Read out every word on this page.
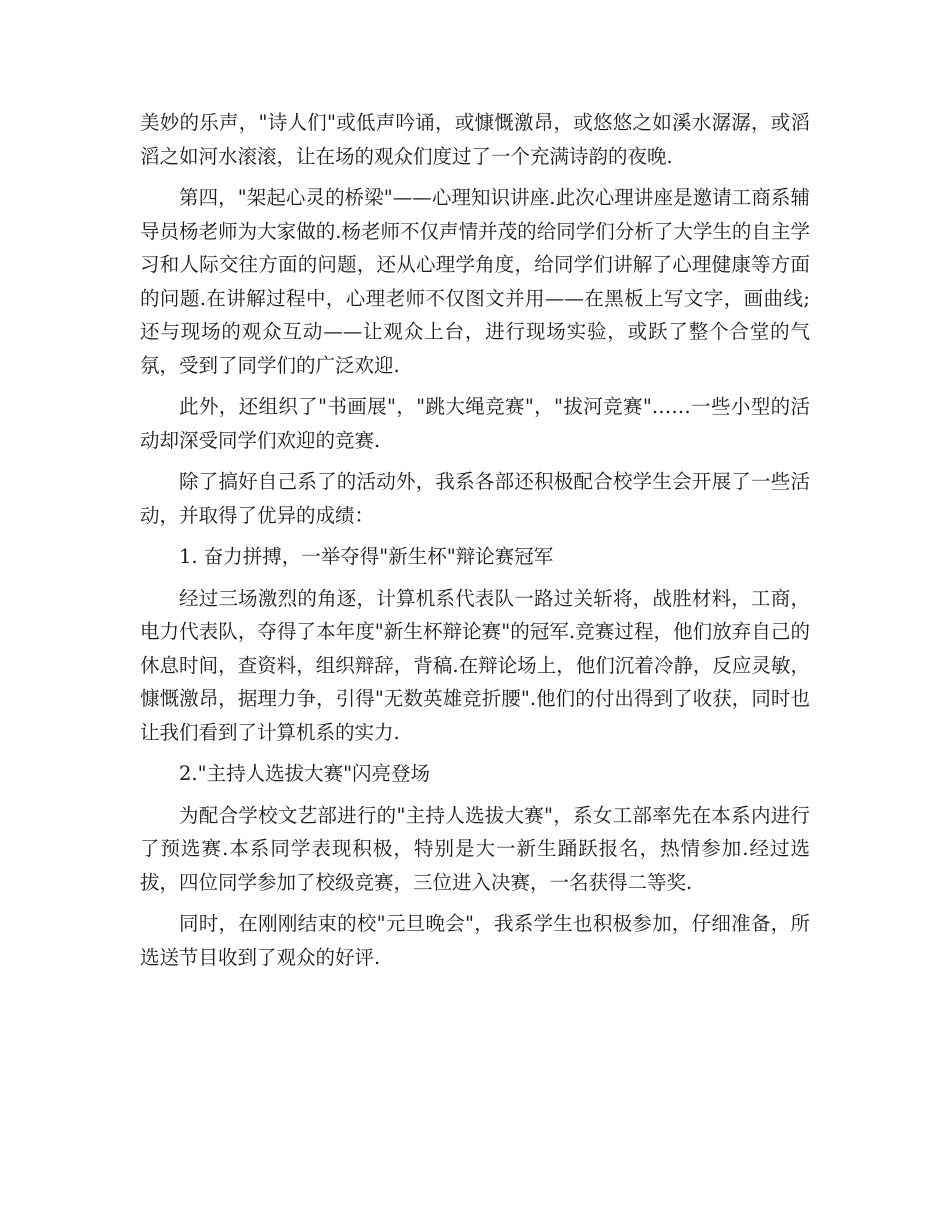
美妙的乐声，"诗人们"或低声吟诵，或慷慨激昂，或悠悠之如溪水潺潺，或滔滔之如河水滚滚，让在场的观众们度过了一个充满诗韵的夜晚.

第四，"架起心灵的桥梁"——心理知识讲座.此次心理讲座是邀请工商系辅导员杨老师为大家做的.杨老师不仅声情并茂的给同学们分析了大学生的自主学习和人际交往方面的问题，还从心理学角度，给同学们讲解了心理健康等方面的问题.在讲解过程中，心理老师不仅图文并用——在黑板上写文字，画曲线;还与现场的观众互动——让观众上台，进行现场实验，或跃了整个合堂的气氛，受到了同学们的广泛欢迎.

此外，还组织了"书画展"，"跳大绳竞赛"，"拔河竞赛"……一些小型的活动却深受同学们欢迎的竞赛.

除了搞好自己系了的活动外，我系各部还积极配合校学生会开展了一些活动，并取得了优异的成绩：

1. 奋力拼搏，一举夺得"新生杯"辩论赛冠军

经过三场激烈的角逐，计算机系代表队一路过关斩将，战胜材料，工商，电力代表队，夺得了本年度"新生杯辩论赛"的冠军.竞赛过程，他们放弃自己的休息时间，查资料，组织辩辞，背稿.在辩论场上，他们沉着冷静，反应灵敏，慷慨激昂，据理力争，引得"无数英雄竞折腰".他们的付出得到了收获，同时也让我们看到了计算机系的实力.

2."主持人选拔大赛"闪亮登场

为配合学校文艺部进行的"主持人选拔大赛"，系女工部率先在本系内进行了预选赛.本系同学表现积极，特别是大一新生踊跃报名，热情参加.经过选拔，四位同学参加了校级竞赛，三位进入决赛，一名获得二等奖.

同时，在刚刚结束的校"元旦晚会"，我系学生也积极参加，仔细准备，所选送节目收到了观众的好评.
